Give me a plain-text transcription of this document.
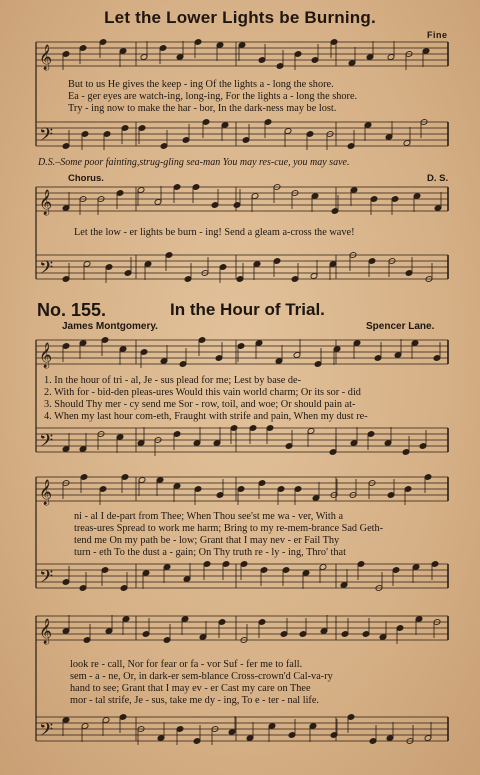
𝄞
𝄢
𝄞
𝄢
𝄞
𝄢
𝄞
𝄢
𝄞
𝄢
Let the Lower Lights be Burning.
Fine
But to us He gives the keep - ing Of the lights a - long the shore.
Ea - ger eyes are watch-ing, long-ing, For the lights a - long the shore.
Try - ing now to make the har - bor, In the dark-ness may be lost.
D.S.–Some poor fainting,strug-gling sea-man You may res-cue, you may save.
Chorus.	D. S.
Let the low - er lights be burn - ing! Send a gleam a-cross the wave!
No. 155.	In the Hour of Trial.
James Montgomery.	Spencer Lane.
1. In the hour of tri - al, Je - sus plead for me; Lest by base de-
2. With for - bid-den pleas-ures Would this vain world charm; Or its sor - did
3. Should Thy mer - cy send me Sor - row, toil, and woe; Or should pain at-
4. When my last hour com-eth, Fraught with strife and pain, When my dust re-
ni - al I de-part from Thee; When Thou see'st me wa - ver, With a
treas-ures Spread to work me harm; Bring to my re-mem-brance Sad Geth-
tend me On my path be - low; Grant that I may nev - er Fail Thy
turn - eth To the dust a - gain; On Thy truth re - ly - ing, Thro' that
look re - call, Nor for fear or fa - vor Suf - fer me to fall.
sem - a - ne, Or, in dark-er sem-blance Cross-crown'd Cal-va-ry
hand to see; Grant that I may ev - er Cast my care on Thee
mor - tal strife, Je - sus, take me dy - ing, To e - ter - nal life.
